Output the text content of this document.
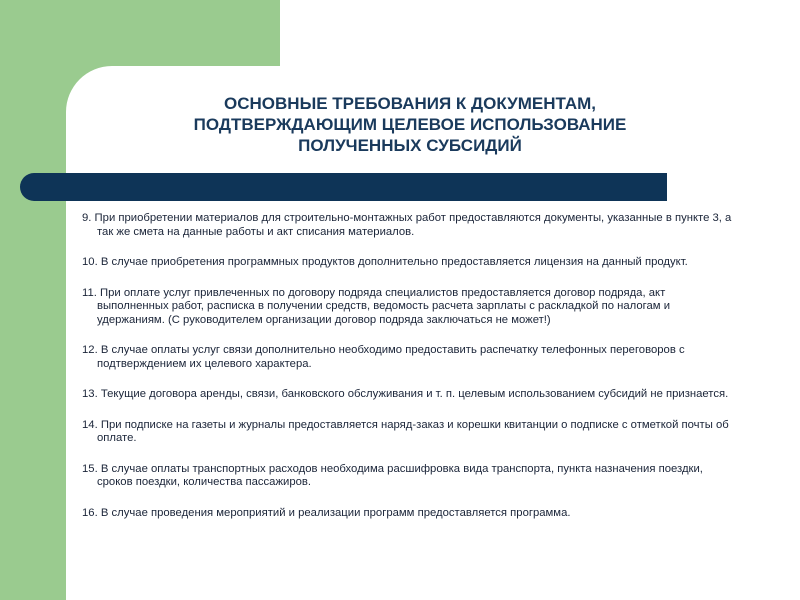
ОСНОВНЫЕ ТРЕБОВАНИЯ К ДОКУМЕНТАМ,
ПОДТВЕРЖДАЮЩИМ ЦЕЛЕВОЕ ИСПОЛЬЗОВАНИЕ
ПОЛУЧЕННЫХ СУБСИДИЙ
9. При приобретении материалов для строительно-монтажных работ предоставляются документы, указанные в пункте 3, а так же смета на данные работы и акт списания материалов.
10. В случае приобретения программных продуктов дополнительно предоставляется лицензия на данный продукт.
11. При оплате услуг привлеченных по договору подряда специалистов предоставляется договор подряда, акт выполненных работ, расписка в получении средств, ведомость расчета зарплаты с раскладкой по налогам и удержаниям. (С руководителем организации договор подряда заключаться не может!)
12. В случае оплаты услуг связи дополнительно необходимо предоставить распечатку телефонных переговоров с подтверждением их целевого характера.
13. Текущие договора аренды, связи, банковского обслуживания и т. п. целевым использованием субсидий не признается.
14. При подписке на газеты и журналы предоставляется наряд-заказ и корешки квитанции о подписке с отметкой почты об оплате.
15. В случае оплаты транспортных расходов необходима расшифровка вида транспорта, пункта назначения поездки, сроков поездки, количества пассажиров.
16. В случае проведения мероприятий и реализации программ предоставляется программа.
